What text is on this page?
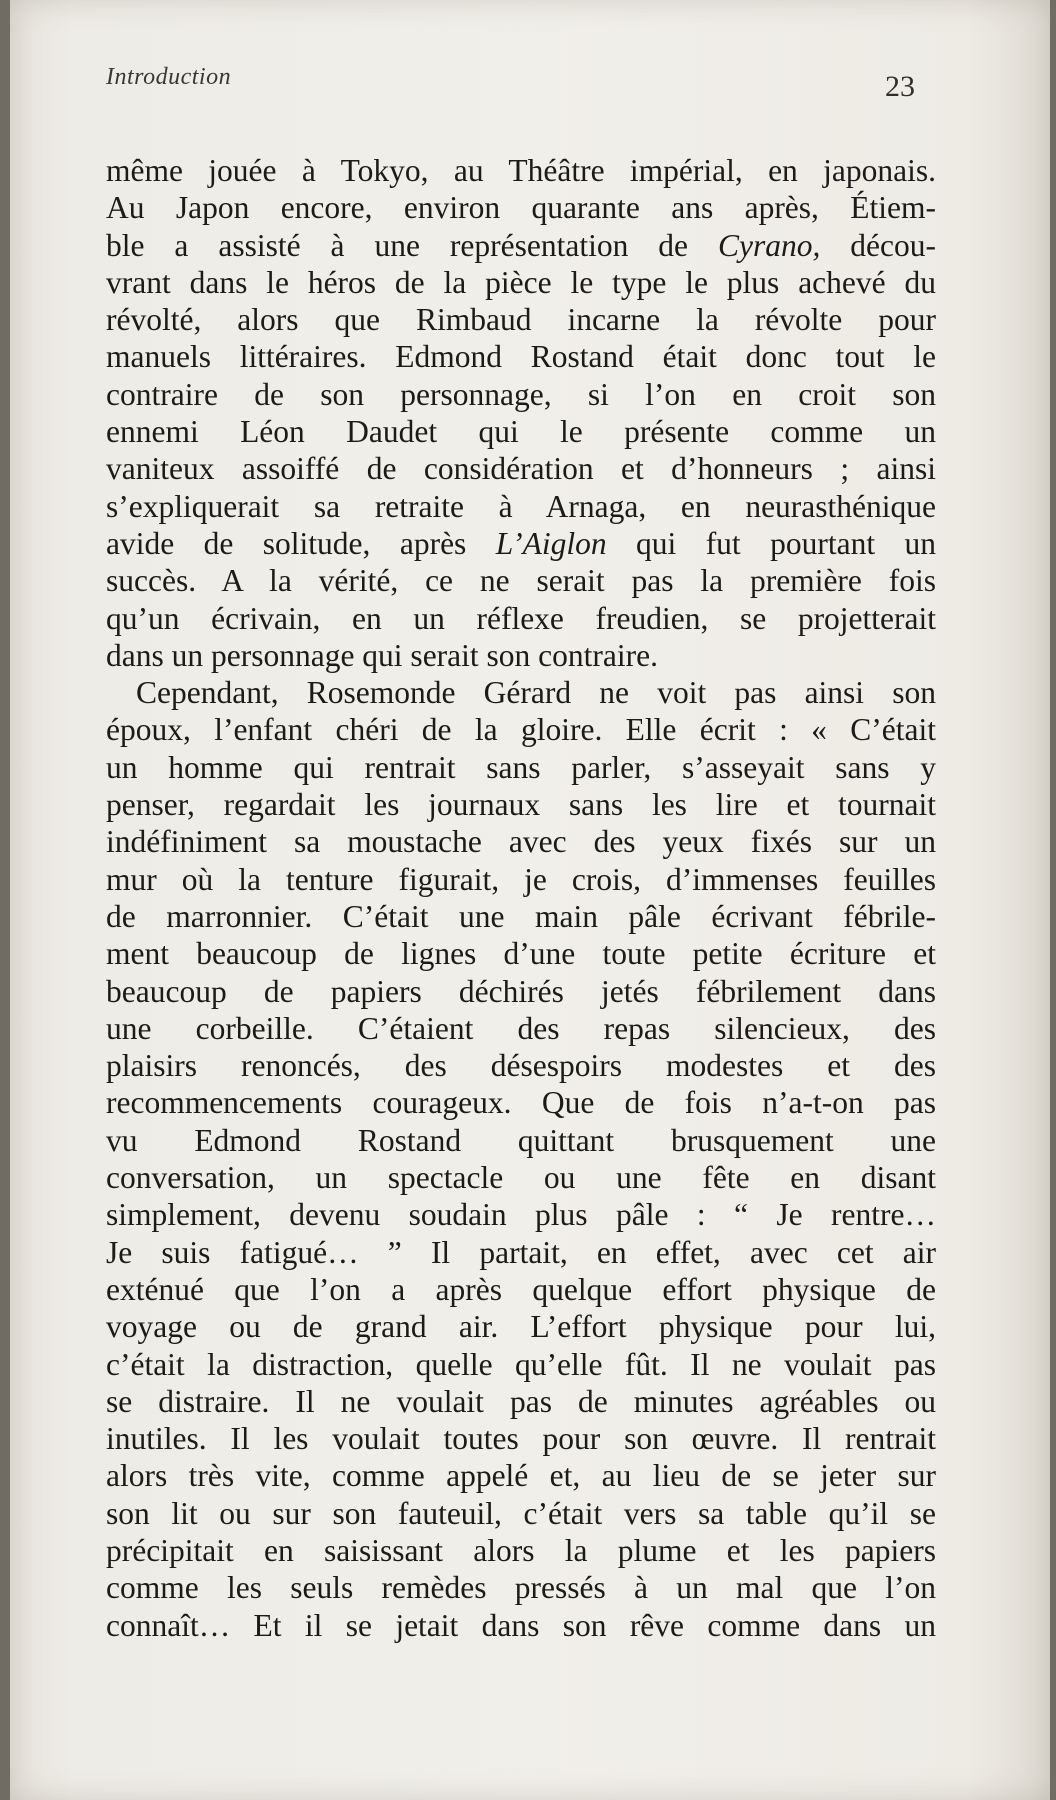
Introduction	23
même jouée à Tokyo, au Théâtre impérial, en japonais.
Au Japon encore, environ quarante ans après, Étiem-
ble a assisté à une représentation de Cyrano, décou-
vrant dans le héros de la pièce le type le plus achevé du
révolté, alors que Rimbaud incarne la révolte pour
manuels littéraires. Edmond Rostand était donc tout le
contraire de son personnage, si l’on en croit son
ennemi Léon Daudet qui le présente comme un
vaniteux assoiffé de considération et d’honneurs ; ainsi
s’expliquerait sa retraite à Arnaga, en neurasthénique
avide de solitude, après L’Aiglon qui fut pourtant un
succès. A la vérité, ce ne serait pas la première fois
qu’un écrivain, en un réflexe freudien, se projetterait
dans un personnage qui serait son contraire.
Cependant, Rosemonde Gérard ne voit pas ainsi son
époux, l’enfant chéri de la gloire. Elle écrit : « C’était
un homme qui rentrait sans parler, s’asseyait sans y
penser, regardait les journaux sans les lire et tournait
indéfiniment sa moustache avec des yeux fixés sur un
mur où la tenture figurait, je crois, d’immenses feuilles
de marronnier. C’était une main pâle écrivant fébrile-
ment beaucoup de lignes d’une toute petite écriture et
beaucoup de papiers déchirés jetés fébrilement dans
une corbeille. C’étaient des repas silencieux, des
plaisirs renoncés, des désespoirs modestes et des
recommencements courageux. Que de fois n’a-t-on pas
vu Edmond Rostand quittant brusquement une
conversation, un spectacle ou une fête en disant
simplement, devenu soudain plus pâle : “ Je rentre…
Je suis fatigué… ” Il partait, en effet, avec cet air
exténué que l’on a après quelque effort physique de
voyage ou de grand air. L’effort physique pour lui,
c’était la distraction, quelle qu’elle fût. Il ne voulait pas
se distraire. Il ne voulait pas de minutes agréables ou
inutiles. Il les voulait toutes pour son œuvre. Il rentrait
alors très vite, comme appelé et, au lieu de se jeter sur
son lit ou sur son fauteuil, c’était vers sa table qu’il se
précipitait en saisissant alors la plume et les papiers
comme les seuls remèdes pressés à un mal que l’on
connaît… Et il se jetait dans son rêve comme dans un
